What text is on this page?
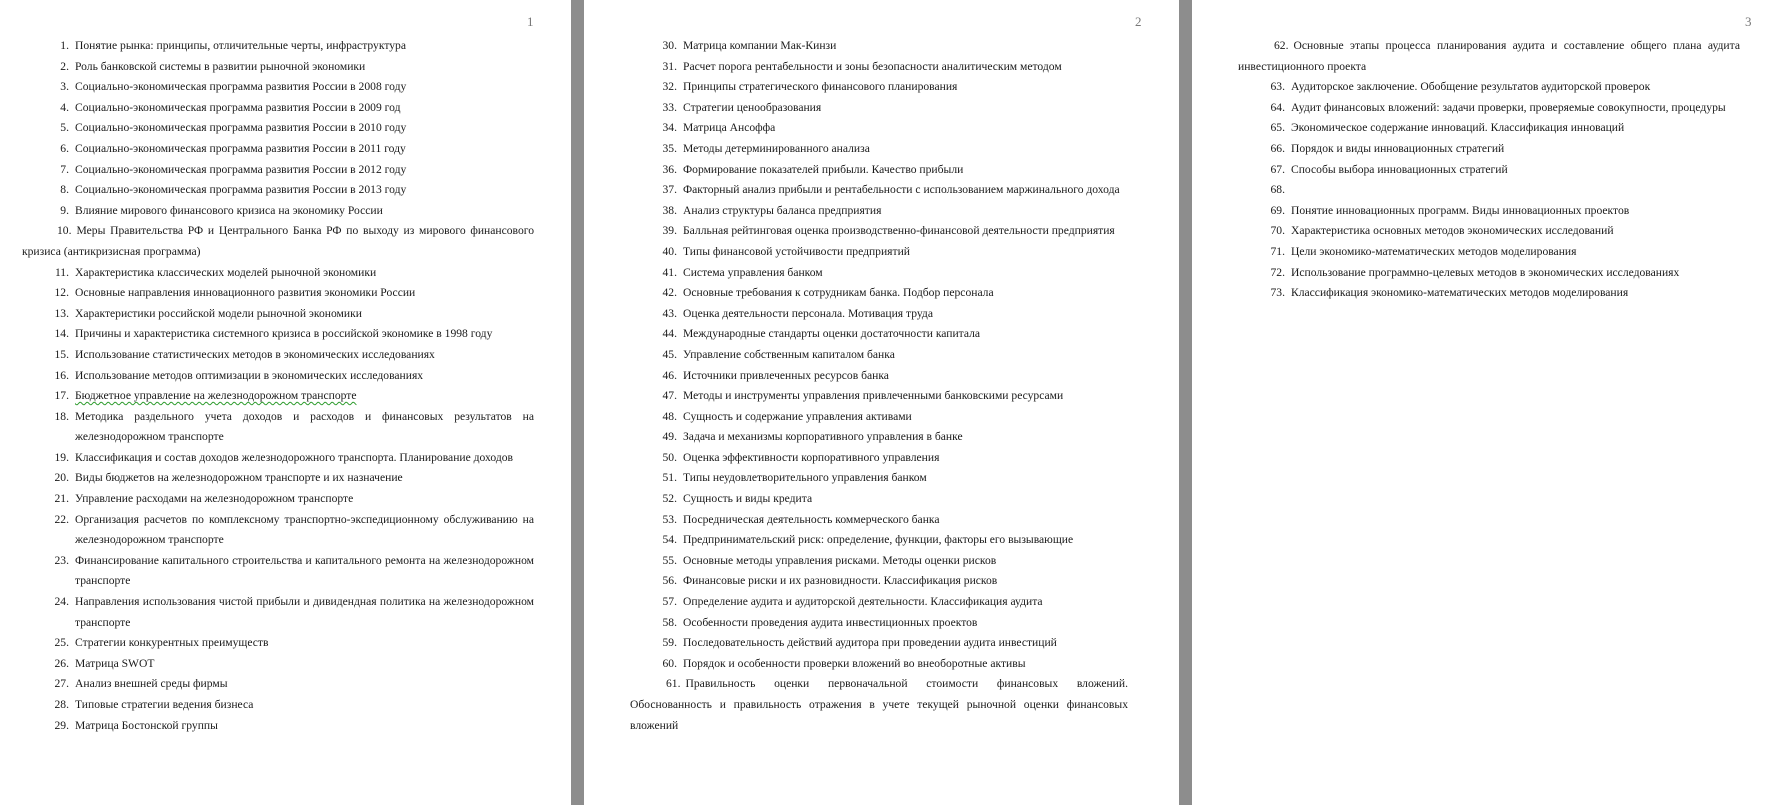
1
1. Понятие рынка: принципы, отличительные черты, инфраструктура
2. Роль банковской системы в развитии рыночной экономики
3. Социально-экономическая программа развития России в 2008 году
4. Социально-экономическая программа развития России в 2009 год
5. Социально-экономическая программа развития России в 2010 году
6. Социально-экономическая программа развития России в 2011 году
7. Социально-экономическая программа развития России в 2012 году
8. Социально-экономическая программа развития России в 2013 году
9. Влияние мирового финансового кризиса на экономику России
10. Меры Правительства РФ и Центрального Банка РФ по выходу из мирового финансового кризиса (антикризисная программа)
11. Характеристика классических моделей рыночной экономики
12. Основные направления инновационного развития экономики России
13. Характеристики российской модели рыночной экономики
14. Причины и характеристика системного кризиса в российской экономике в 1998 году
15. Использование статистических методов в экономических исследованиях
16. Использование методов оптимизации в экономических исследованиях
17. Бюджетное управление на железнодорожном транспорте
18. Методика раздельного учета доходов и расходов и финансовых результатов на железнодорожном транспорте
19. Классификация и состав доходов железнодорожного транспорта. Планирование доходов
20. Виды бюджетов на железнодорожном транспорте и их назначение
21. Управление расходами на железнодорожном транспорте
22. Организация расчетов по комплексному транспортно-экспедиционному обслуживанию на железнодорожном транспорте
23. Финансирование капитального строительства и капитального ремонта на железнодорожном транспорте
24. Направления использования чистой прибыли и дивидендная политика на железнодорожном транспорте
25. Стратегии конкурентных преимуществ
26. Матрица SWOT
27. Анализ внешней среды фирмы
28. Типовые стратегии ведения бизнеса
29. Матрица Бостонской группы
2
30. Матрица компании Мак-Кинзи
31. Расчет порога рентабельности и зоны безопасности аналитическим методом
32. Принципы стратегического финансового планирования
33. Стратегии ценообразования
34. Матрица Ансоффа
35. Методы детерминированного анализа
36. Формирование показателей прибыли. Качество прибыли
37. Факторный анализ прибыли и рентабельности с использованием маржинального дохода
38. Анализ структуры баланса предприятия
39. Балльная рейтинговая оценка производственно-финансовой деятельности предприятия
40. Типы финансовой устойчивости предприятий
41. Система управления банком
42. Основные требования к сотрудникам банка. Подбор персонала
43. Оценка деятельности персонала. Мотивация труда
44. Международные стандарты оценки достаточности капитала
45. Управление собственным капиталом банка
46. Источники привлеченных ресурсов банка
47. Методы и инструменты управления привлеченными банковскими ресурсами
48. Сущность и содержание управления активами
49. Задача и механизмы корпоративного управления в банке
50. Оценка эффективности корпоративного управления
51. Типы неудовлетворительного управления банком
52. Сущность и виды кредита
53. Посредническая деятельность коммерческого банка
54. Предпринимательский риск: определение, функции, факторы его вызывающие
55. Основные методы управления рисками. Методы оценки рисков
56. Финансовые риски и их разновидности. Классификация рисков
57. Определение аудита и аудиторской деятельности. Классификация аудита
58. Особенности проведения аудита инвестиционных проектов
59. Последовательность действий аудитора при проведении аудита инвестиций
60. Порядок и особенности проверки вложений во внеоборотные активы
61. Правильность оценки первоначальной стоимости финансовых вложений. Обоснованность и правильность отражения в учете текущей рыночной оценки финансовых вложений
3
62. Основные этапы процесса планирования аудита и составление общего плана аудита инвестиционного проекта
63. Аудиторское заключение. Обобщение результатов аудиторской проверок
64. Аудит финансовых вложений: задачи проверки, проверяемые совокупности, процедуры
65. Экономическое содержание инноваций. Классификация инноваций
66. Порядок и виды инновационных стратегий
67. Способы выбора инновационных стратегий
68.
69. Понятие инновационных программ. Виды инновационных проектов
70. Характеристика основных методов экономических исследований
71. Цели экономико-математических методов моделирования
72. Использование программно-целевых методов в экономических исследованиях
73. Классификация экономико-математических методов моделирования
